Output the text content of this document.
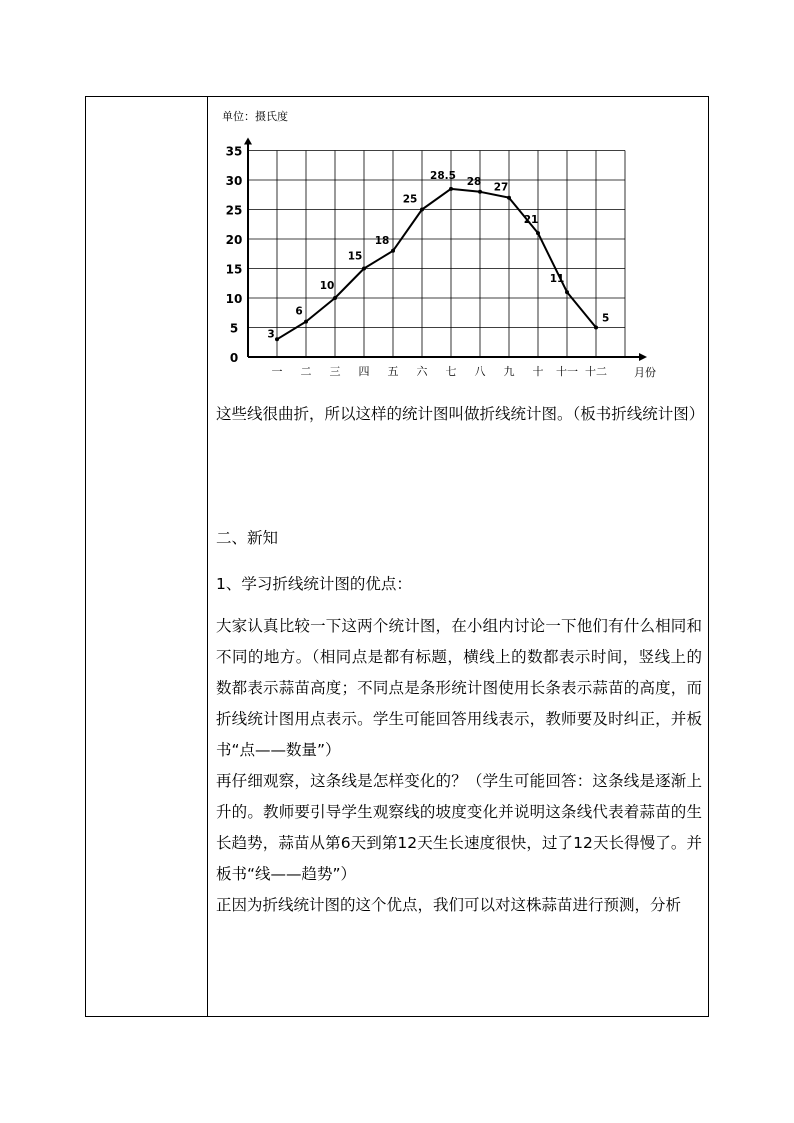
单位：摄氏度
0
5
10
15
20
25
30
35
一 二 三 四 五 六 七 八 九 十 十一 十二
3
6
10
15
18
25
28.5 28 27
21
11
5
月份

这些线很曲折，所以这样的统计图叫做折线统计图。（板书折线统计图）

二、新知

1、学习折线统计图的优点：

大家认真比较一下这两个统计图，在小组内讨论一下他们有什么相同和不同的地方。（相同点是都有标题，横线上的数都表示时间，竖线上的数都表示蒜苗高度；不同点是条形统计图使用长条表示蒜苗的高度，而折线统计图用点表示。学生可能回答用线表示，教师要及时纠正，并板书“点——数量”）

再仔细观察，这条线是怎样变化的？（学生可能回答：这条线是逐渐上升的。教师要引导学生观察线的坡度变化并说明这条线代表着蒜苗的生长趋势，蒜苗从第6天到第12天生长速度很快，过了12天长得慢了。并板书“线——趋势”）

正因为折线统计图的这个优点，我们可以对这株蒜苗进行预测，分析
